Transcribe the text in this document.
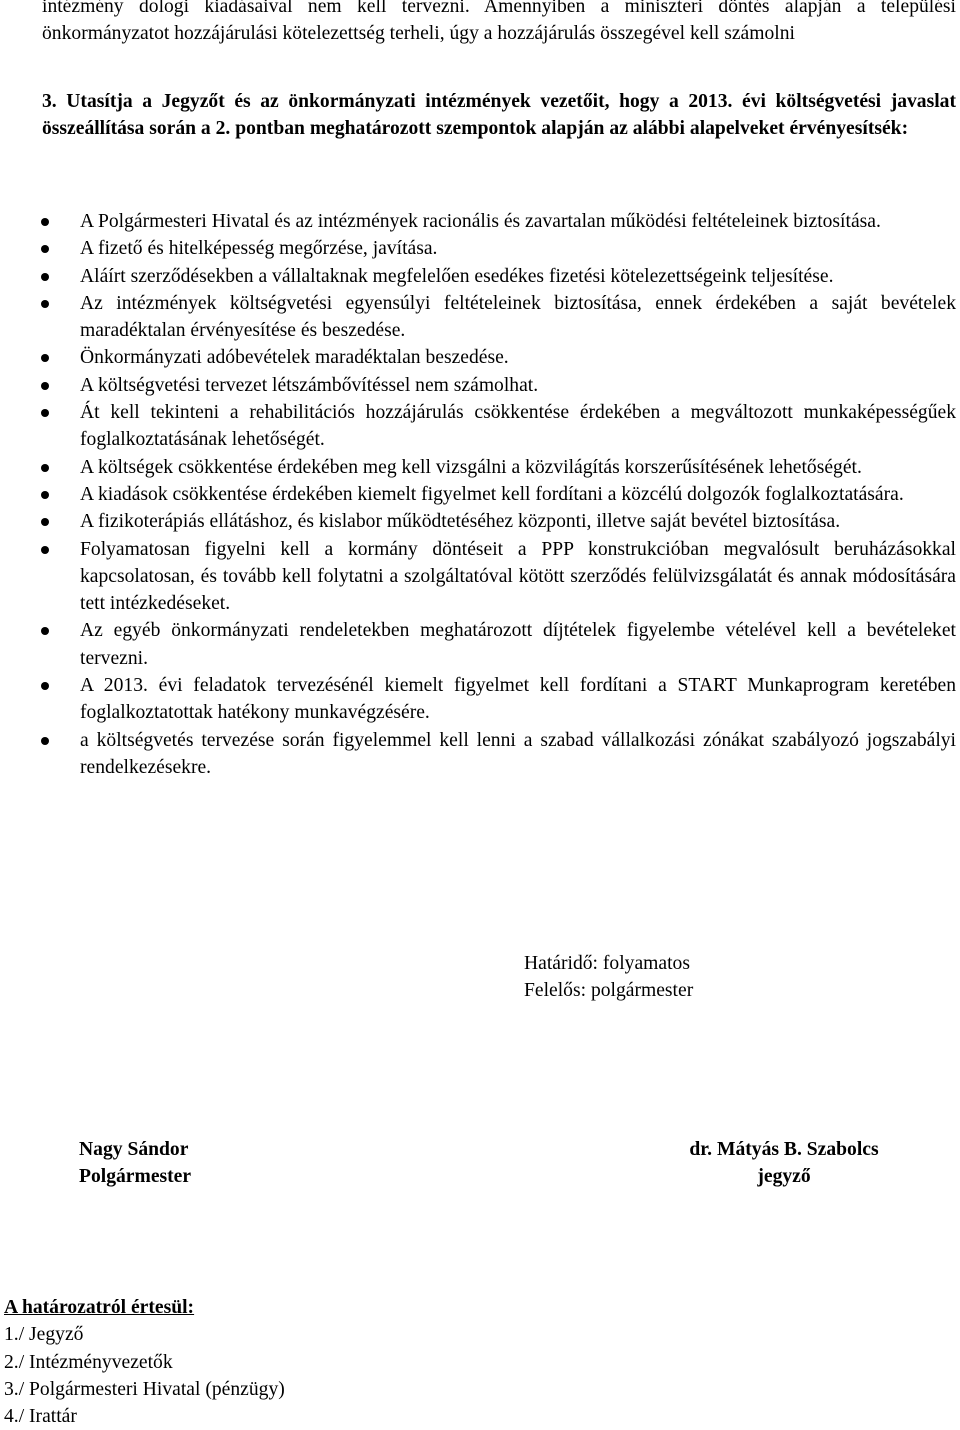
intézmény dologi kiadásaival nem kell tervezni. Amennyiben a miniszteri döntés alapján a települési önkormányzatot hozzájárulási kötelezettség terheli, úgy a hozzájárulás összegével kell számolni

3. Utasítja a Jegyzőt és az önkormányzati intézmények vezetőit, hogy a 2013. évi költségvetési javaslat összeállítása során a 2. pontban meghatározott szempontok alapján az alábbi alapelveket érvényesítsék:

A Polgármesteri Hivatal és az intézmények racionális és zavartalan működési feltételeinek biztosítása.
A fizető és hitelképesség megőrzése, javítása.
Aláírt szerződésekben a vállaltaknak megfelelően esedékes fizetési kötelezettségeink teljesítése.
Az intézmények költségvetési egyensúlyi feltételeinek biztosítása, ennek érdekében a saját bevételek maradéktalan érvényesítése és beszedése.
Önkormányzati adóbevételek maradéktalan beszedése.
A költségvetési tervezet létszámbővítéssel nem számolhat.
Át kell tekinteni a rehabilitációs hozzájárulás csökkentése érdekében a megváltozott munkaképességűek foglalkoztatásának lehetőségét.
A költségek csökkentése érdekében meg kell vizsgálni a közvilágítás korszerűsítésének lehetőségét.
A kiadások csökkentése érdekében kiemelt figyelmet kell fordítani a közcélú dolgozók foglalkoztatására.
A fizikoterápiás ellátáshoz, és kislabor működtetéséhez központi, illetve saját bevétel biztosítása.
Folyamatosan figyelni kell a kormány döntéseit a PPP konstrukcióban megvalósult beruházásokkal kapcsolatosan, és tovább kell folytatni a szolgáltatóval kötött szerződés felülvizsgálatát és annak módosítására tett intézkedéseket.
Az egyéb önkormányzati rendeletekben meghatározott díjtételek figyelembe vételével kell a bevételeket tervezni.
A 2013. évi feladatok tervezésénél kiemelt figyelmet kell fordítani a START Munkaprogram keretében foglalkoztatottak hatékony munkavégzésére.
a költségvetés tervezése során figyelemmel kell lenni a szabad vállalkozási zónákat szabályozó jogszabályi rendelkezésekre.
Határidő: folyamatos
Felelős: polgármester
Nagy Sándor
Polgármester
dr. Mátyás B. Szabolcs
jegyző
A határozatról értesül:
1./ Jegyző
2./ Intézményvezetők
3./ Polgármesteri Hivatal (pénzügy)
4./ Irattár
